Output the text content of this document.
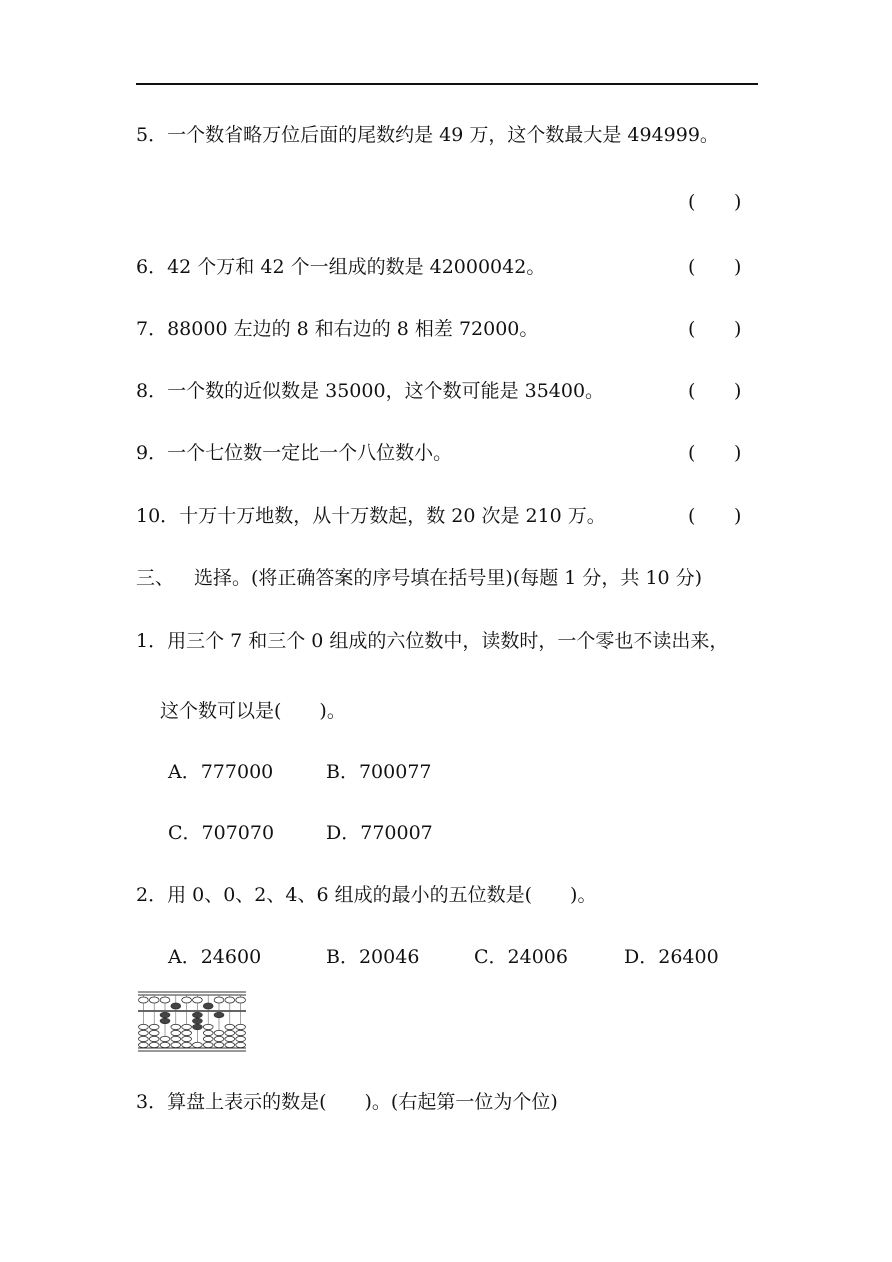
5．一个数省略万位后面的尾数约是 49 万，这个数最大是 494999。
( )
6．42 个万和 42 个一组成的数是 42000042。	( )
7．88000 左边的 8 和右边的 8 相差 72000。	( )
8．一个数的近似数是 35000，这个数可能是 35400。	( )
9．一个七位数一定比一个八位数小。	( )
10．十万十万地数，从十万数起，数 20 次是 210 万。	( )
三、 选择。(将正确答案的序号填在括号里)(每题 1 分，共 10 分)
1．用三个 7 和三个 0 组成的六位数中，读数时，一个零也不读出来，
这个数可以是(　　)。
A．777000	B．700077
C．707070	D．770007
2．用 0、0、2、4、6 组成的最小的五位数是(　　)。
A．24600	B．20046	C．24006	D．26400
3．算盘上表示的数是(　　)。(右起第一位为个位)
